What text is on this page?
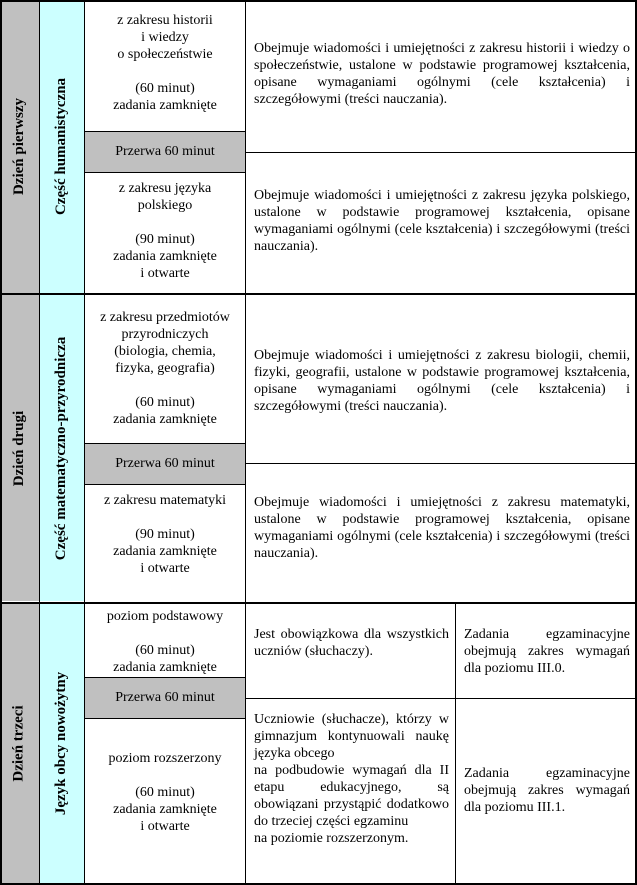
Dzień pierwszy Część humanistyczna

z zakresu historii

i wiedzy

o społeczeństwie

(60 minut)

zadania zamknięte

Obejmuje wiadomości i umiejętności z zakresu historii i wiedzy o społeczeństwie, ustalone w podstawie programowej kształcenia, opisane wymaganiami ogólnymi (cele kształcenia) i szczegółowymi (treści nauczania).
Przerwa 60 minut

z zakresu języka

polskiego

(90 minut)

zadania zamknięte

i otwarte

Obejmuje wiadomości i umiejętności z zakresu języka polskiego, ustalone w podstawie programowej kształcenia, opisane wymaganiami ogólnymi (cele kształcenia) i szczegółowymi (treści nauczania).
Dzień drugi Część matematyczno-przyrodnicza

z zakresu przedmiotów

przyrodniczych

(biologia, chemia,

fizyka, geografia)

(60 minut)

zadania zamknięte

Obejmuje wiadomości i umiejętności z zakresu biologii, chemii, fizyki, geografii, ustalone w podstawie programowej kształcenia, opisane wymaganiami ogólnymi (cele kształcenia) i szczegółowymi (treści nauczania).
Przerwa 60 minut

z zakresu matematyki

(90 minut)

zadania zamknięte

i otwarte

Obejmuje wiadomości i umiejętności z zakresu matematyki, ustalone w podstawie programowej kształcenia, opisane wymaganiami ogólnymi (cele kształcenia) i szczegółowymi (treści nauczania).
Dzień trzeci Język obcy nowożytny

poziom podstawowy

(60 minut)

zadania zamknięte

Jest obowiązkowa dla wszystkich uczniów (słuchaczy).
Zadania egzaminacyjne obejmują zakres wymagań dla poziomu III.0.
Przerwa 60 minut

poziom rozszerzony

(60 minut)

zadania zamknięte

i otwarte

Uczniowie (słuchacze), którzy w gimnazjum kontynuowali naukę języka obcego

na podbudowie wymagań dla II etapu edukacyjnego, są obowiązani przystąpić dodatkowo do trzeciej części egzaminu

na poziomie rozszerzonym.

Zadania egzaminacyjne obejmują zakres wymagań dla poziomu III.1.
